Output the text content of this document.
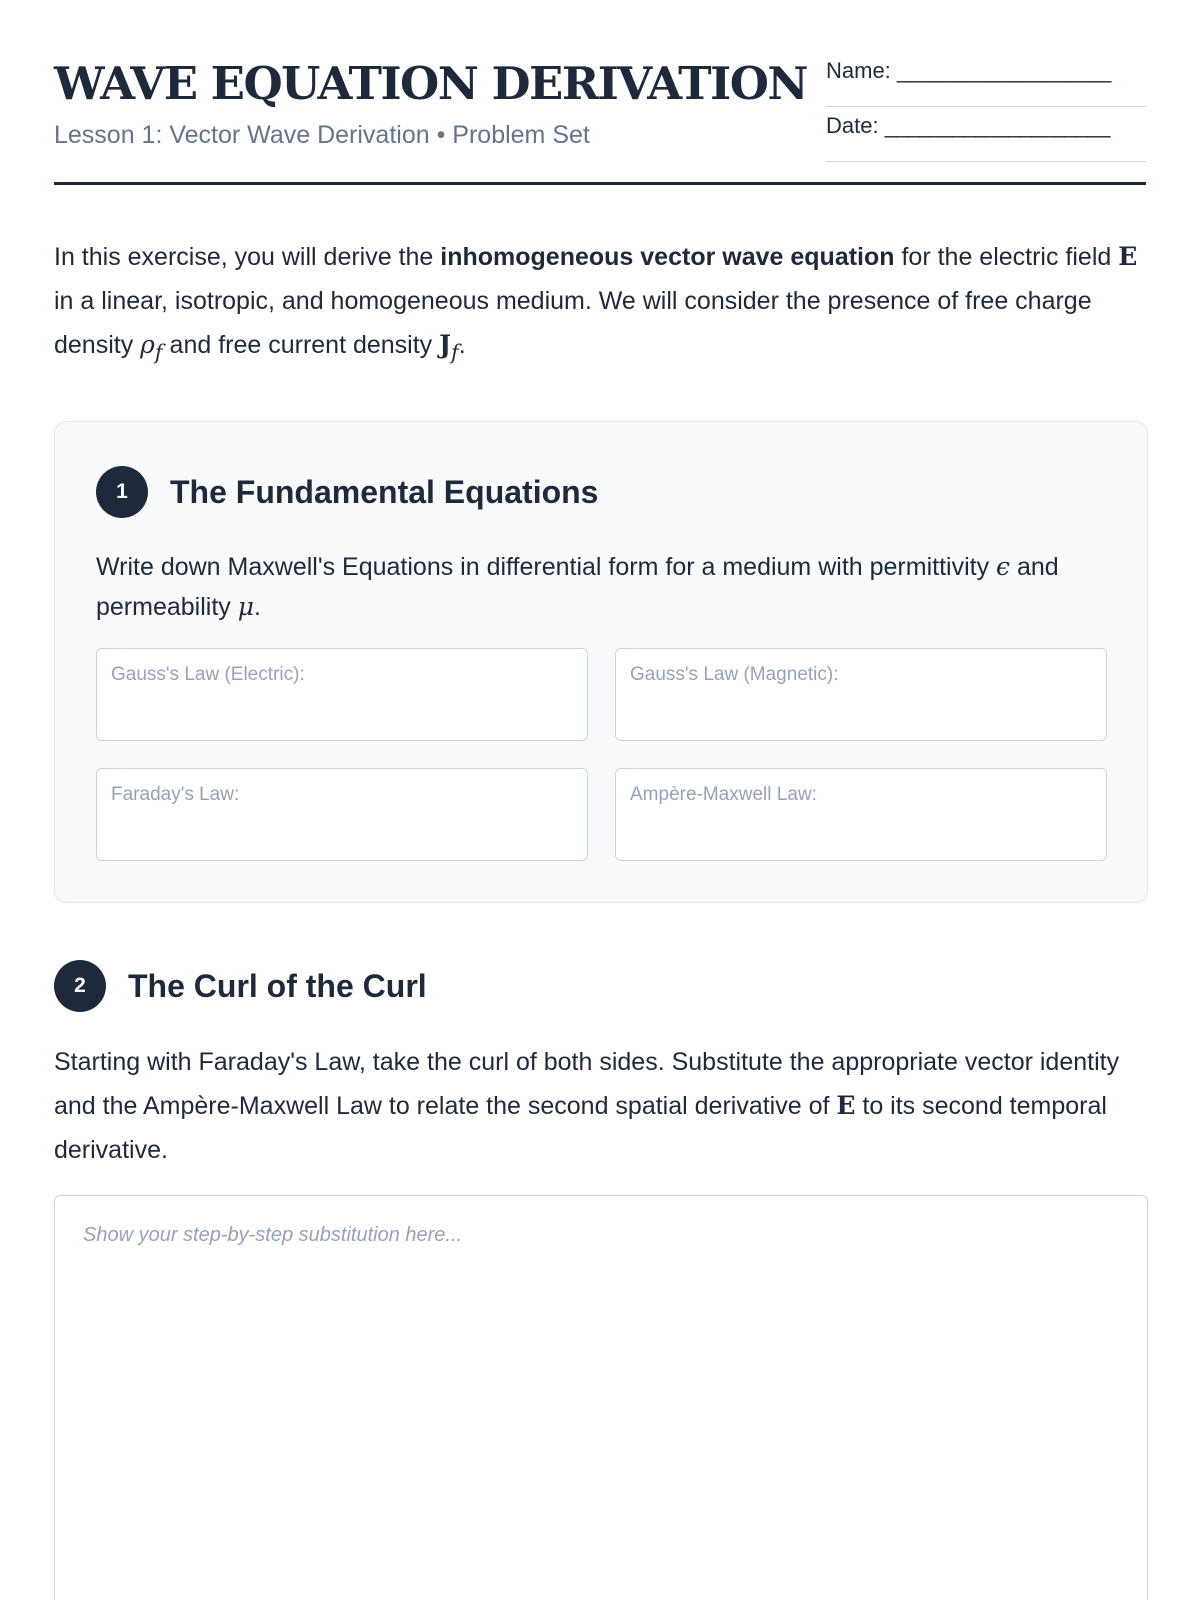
WAVE EQUATION DERIVATION
Lesson 1: Vector Wave Derivation • Problem Set
Name: ___________________
Date: ____________________

In this exercise, you will derive the inhomogeneous vector wave equation for the electric field E in a linear, isotropic, and homogeneous medium. We will consider the presence of free charge density $\rho_f$ and free current density $J_f$.

1	The Fundamental Equations

Write down Maxwell's Equations in differential form for a medium with permittivity ϵ and permeability μ.

Gauss's Law (Electric):	Gauss's Law (Magnetic):
Faraday's Law:	Ampère-Maxwell Law:
2	The Curl of the Curl

Starting with Faraday's Law, take the curl of both sides. Substitute the appropriate vector identity and the Ampère-Maxwell Law to relate the second spatial derivative of E to its second temporal derivative.

Show your step-by-step substitution here...
